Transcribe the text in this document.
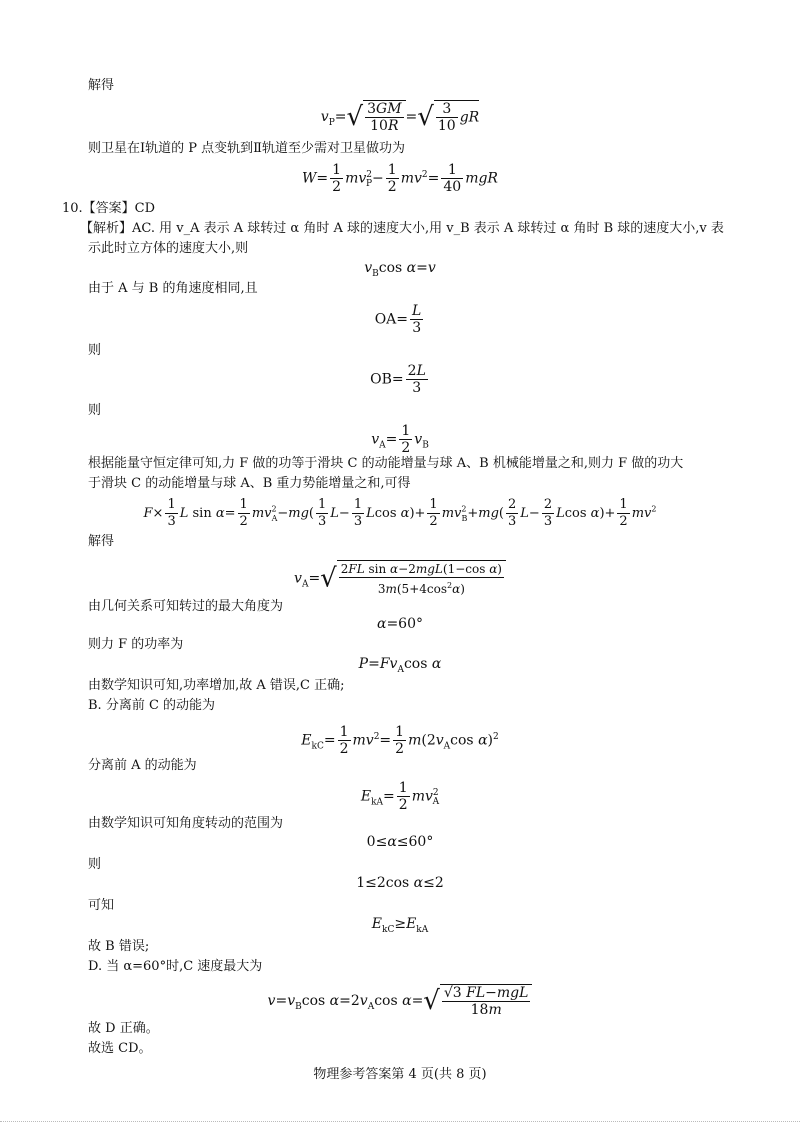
解得
$v_P=√ \frac{3GM}{10R}$ =√ $\frac{3}{10}$ gR
则卫星在Ⅰ轨道的 P 点变轨到Ⅱ轨道至少需对卫星做功为
$W= \frac{1}{2} mv^2_P- \frac{1}{2} mv^2= \frac{1}{40}$ mgR
10.【答案】CD
【解析】AC. 用 v_A 表示 A 球转过 α 角时 A 球的速度大小,用 v_B 表示 A 球转过 α 角时 B 球的速度大小,v 表
示此时立方体的速度大小,则
$v_B\cos$ α=v
由于 A 与 B 的角速度相同,且
$OA= \frac{L}{3}$
则
$OB= \frac{2L}{3}$
则
$v_A= \frac{1}{2} v_B$
根据能量守恒定律可知,力 F 做的功等于滑块 C 的动能增量与球 A、B 机械能增量之和,则力 F 做的功大
于滑块 C 的动能增量与球 A、B 重力势能增量之和,可得
$F\times \frac{1}{3}$ L $\sin \alpha= \frac{1}{2} mv^2_A-mg( \frac{1}{3} L- \frac{1}{3}$ Lcos $\alpha)+ \frac{1}{2} mv^2_B+mg( \frac{2}{3} L- \frac{2}{3}$ Lcos $\alpha)+ \frac{1}{2} mv^2$
解得
$v_A=√ \frac{\text{2FL sin α−2mgL(1−cos α)}}{3m(5+4\cos^2\alpha)}$
由几何关系可知转过的最大角度为
α=60°
则力 F 的功率为
$P=Fv_A\cos$ α
由数学知识可知,功率增加,故 A 错误,C 正确;
B. 分离前 C 的动能为
$E_{kC}= \frac{1}{2} mv^2= \frac{1}{2} m(2v_A\cos$ α)$^2$
分离前 A 的动能为
$E_{kA}= \frac{1}{2} mv^2_A$
由数学知识可知角度转动的范围为
0≤α≤60°
则
1≤2cos α≤2
可知
$E_{kC}\ge E_{kA}$
故 B 错误;
D. 当 α=60°时,C 速度最大为
$v=v_B\cos$ $\alpha=2v_A\cos$ $\alpha=√ \frac{\text{√3 FL−mgL}}{18m}$
故 D 正确。
故选 CD。
物理参考答案第 4 页(共 8 页)
